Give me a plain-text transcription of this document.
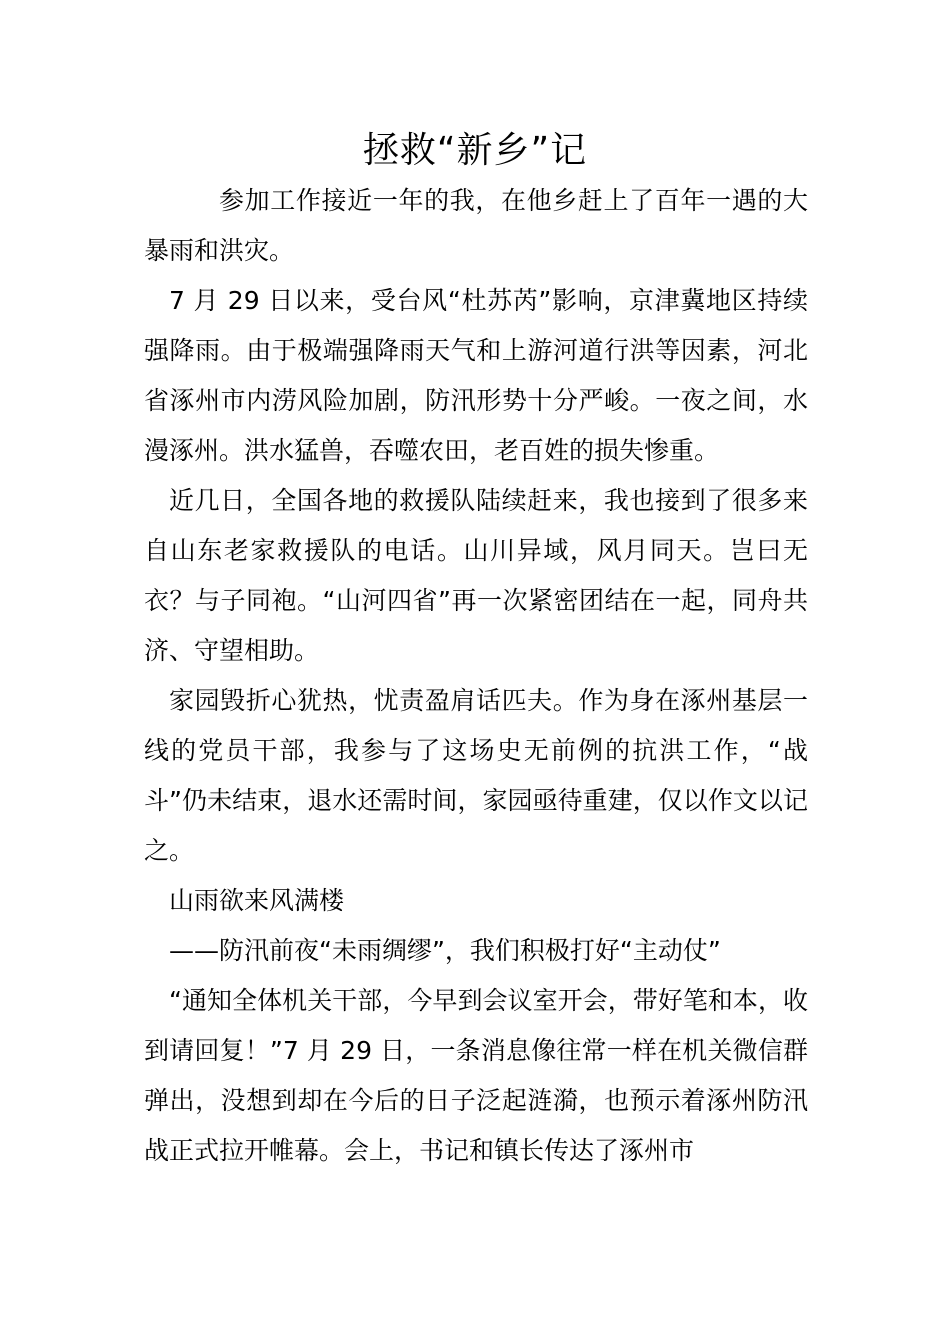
拯救“新乡”记

参加工作接近一年的我，在他乡赶上了百年一遇的大暴雨和洪灾。

7 月 29 日以来，受台风“杜苏芮”影响，京津冀地区持续强降雨。由于极端强降雨天气和上游河道行洪等因素，河北省涿州市内涝风险加剧，防汛形势十分严峻。一夜之间，水漫涿州。洪水猛兽，吞噬农田，老百姓的损失惨重。

近几日，全国各地的救援队陆续赶来，我也接到了很多来自山东老家救援队的电话。山川异域，风月同天。岂曰无衣？与子同袍。“山河四省”再一次紧密团结在一起，同舟共济、守望相助。

家园毁折心犹热，忧责盈肩话匹夫。作为身在涿州基层一线的党员干部，我参与了这场史无前例的抗洪工作，“战斗”仍未结束，退水还需时间，家园亟待重建，仅以作文以记之。

山雨欲来风满楼

——防汛前夜“未雨绸缪”，我们积极打好“主动仗”

“通知全体机关干部，今早到会议室开会，带好笔和本，收到请回复！”7 月 29 日，一条消息像往常一样在机关微信群弹出，没想到却在今后的日子泛起涟漪，也预示着涿州防汛战正式拉开帷幕。会上，书记和镇长传达了涿州市
